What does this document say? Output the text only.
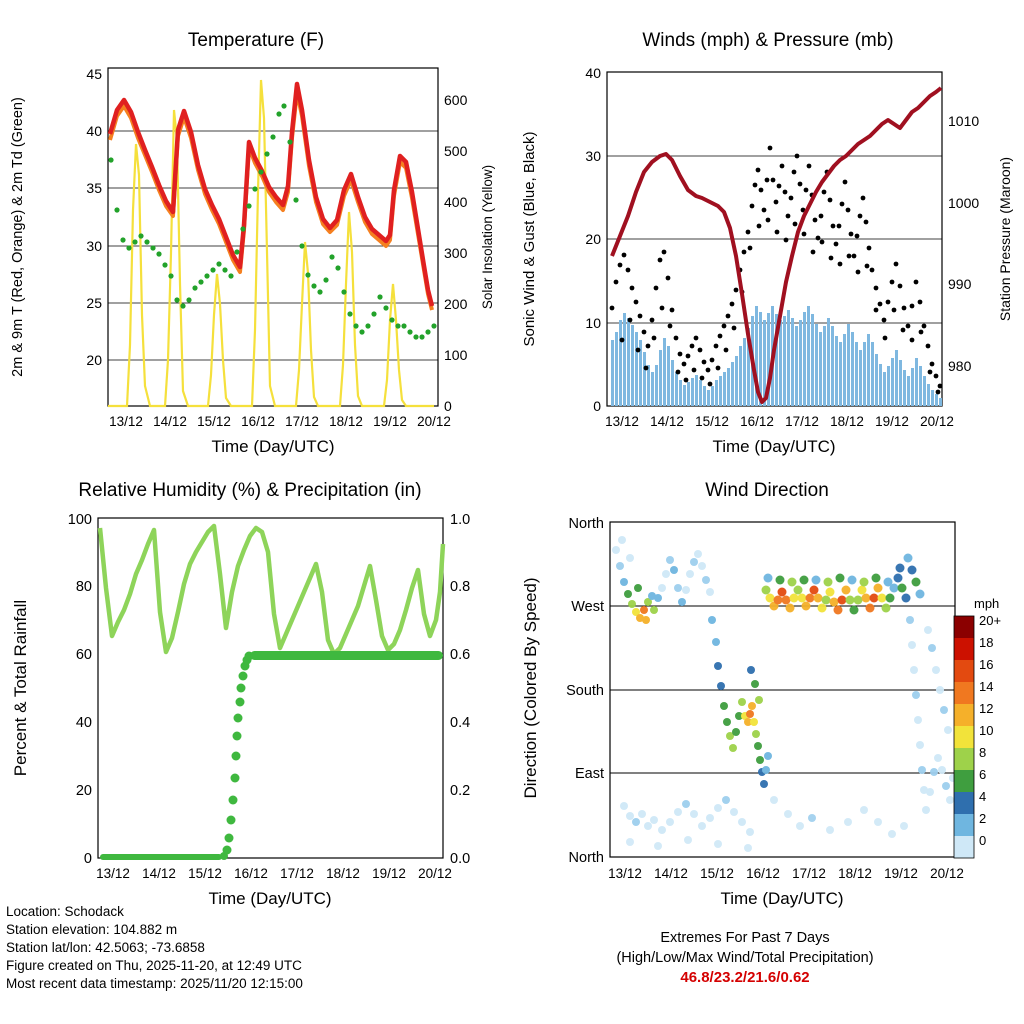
Temperature (F)
20
25
30
35
40
45
0
100
200
300
400
500
600
13/12 14/12 15/12 16/12 17/12 18/12 19/12 20/12
Time (Day/UTC)
2m & 9m T (Red, Orange) & 2m Td (Green)	Solar Insolation (Yellow)
Winds (mph) & Pressure (mb)
0
10
20
30
40
980
990
1000
1010
13/12 14/12 15/12 16/12 17/12 18/12 19/12 20/12
Time (Day/UTC)
Sonic Wind & Gust (Blue, Black)	Station Pressure (Maroon)
Relative Humidity (%) & Precipitation (in)
0
20
40
60
80
100
0.0
0.2
0.4
0.6
0.8
1.0
13/12 14/12 15/12 16/12 17/12 18/12 19/12 20/12
Time (Day/UTC)
Percent & Total Rainfall
Wind Direction
North
West
South
East
North
13/12 14/12 15/12 16/12 17/12 18/12 19/12 20/12
Time (Day/UTC)
Direction (Colored By Speed)	mph
20+
18
16
14
12
10
8
6
4
2
0
Location: Schodack
Station elevation: 104.882 m
Station lat/lon: 42.5063; -73.6858
Figure created on Thu, 2025-11-20, at 12:49 UTC
Most recent data timestamp: 2025/11/20 12:15:00
Extremes For Past 7 Days
(High/Low/Max Wind/Total Precipitation)
46.8/23.2/21.6/0.62
